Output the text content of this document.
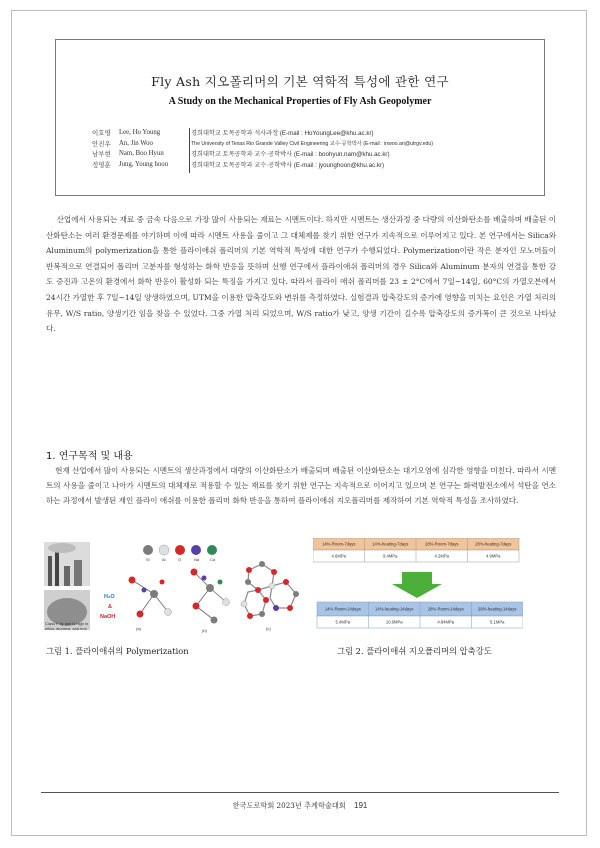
Fly Ash 지오폴리머의 기본 역학적 특성에 관한 연구
A Study on the Mechanical Properties of Fly Ash Geopolymer
이호영	Lee, Ho Young	경희대학교 토목공학과 석사과정 (E-mail : HoYoungLee@khu.ac.kr)
안진우	An, Jin Woo	The University of Texas Rio Grande Valley Civil Engineering 교수·공학박사 (E-mail : inwoo.an@utrgv.edu)
남부현	Nam, Boo Hyun	경희대학교 토목공학과 교수·공학박사 (E-mail : boohyun.nam@khu.ac.kr)
정영훈	Jung, Young hoon	경희대학교 토목공학과 교수·공학박사 (E-mail : jyounghoon@khu.ac.kr)
산업에서 사용되는 재료 중 금속 다음으로 가장 많이 사용되는 재료는 시멘트이다. 하지만 시멘트는 생산과정 중 다량의 이산화탄소를 배출하며 배출된 이산화탄소는 여러 환경문제를 야기하며 이에 따라 시멘트 사용을 줄이고 그 대체제를 찾기 위한 연구가 지속적으로 이루어지고 있다. 본 연구에서는 Silica와 Aluminum의 polymerization을 통한 플라이애쉬 폴리머의 기본 역학적 특성에 대한 연구가 수행되었다. Polymerization이란 작은 분자인 모노머들이 반복적으로 연결되어 폴리머 고분자를 형성하는 화학 반응을 뜻하며 선행 연구에서 플라이애쉬 폴리머의 경우 Silica와 Aluminum 분자의 연결을 통한 강도 증진과 고온의 환경에서 화학 반응이 활성화 되는 특징을 가지고 있다. 따라서 플라이 애쉬 폴리머를 23 ± 2°C에서 7일~14일, 60°C의 가열오븐에서 24시간 가열한 후 7일~14일 양생하였으며, UTM을 이용한 압축강도와 변위를 측정하였다. 실험결과 압축강도의 증가에 영향을 미치는 요인은 가열 처리의 유무, W/S ratio, 양생기간 임을 찾을 수 있었다. 그중 가열 처리 되었으며, W/S ratio가 낮고, 양생 기간이 길수록 압축강도의 증가폭이 큰 것으로 나타났다.
1. 연구목적 및 내용
현재 산업에서 많이 사용되는 시멘트의 생산과정에서 대량의 이산화탄소가 배출되며 배출된 이산화탄소는 대기오염에 심각한 영향을 미친다. 따라서 시멘트의 사용을 줄이고 나아가 시멘트의 대체재로 적용할 수 있는 재료를 찾기 위한 연구는 지속적으로 이어지고 있으며 본 연구는 화력발전소에서 석탄을 연소하는 과정에서 발생된 재인 플라이 애쉬를 이용한 폴리머 화학 반응을 통하여 플라이애쉬 지오폴리머를 제작하여 기본 역학적 특성을 조사하였다.
Class F fly ash is high in
silica, alumina, and iron
H₂O
&
NaOH
Si	Al	O	Na	Ca
(a)	(b)	(c)
그림 1. 플라이애쉬의 Polymerization
14%-Room-7days	14%-heating-7days	28%-Room-7days	28%-heating-7days
4.6MPa	9.4MPa	4.2MPa	4.9MPa
14%-Room-14days	14%-heating-14days	28%-Room-14days	28%-heating-14days
5.4MPa	10.6MPa	4.84MPa	5.1MPa
그림 2. 플라이애쉬 지오폴리머의 압축강도
한국도로학회 2023년 추계학술대회 191
